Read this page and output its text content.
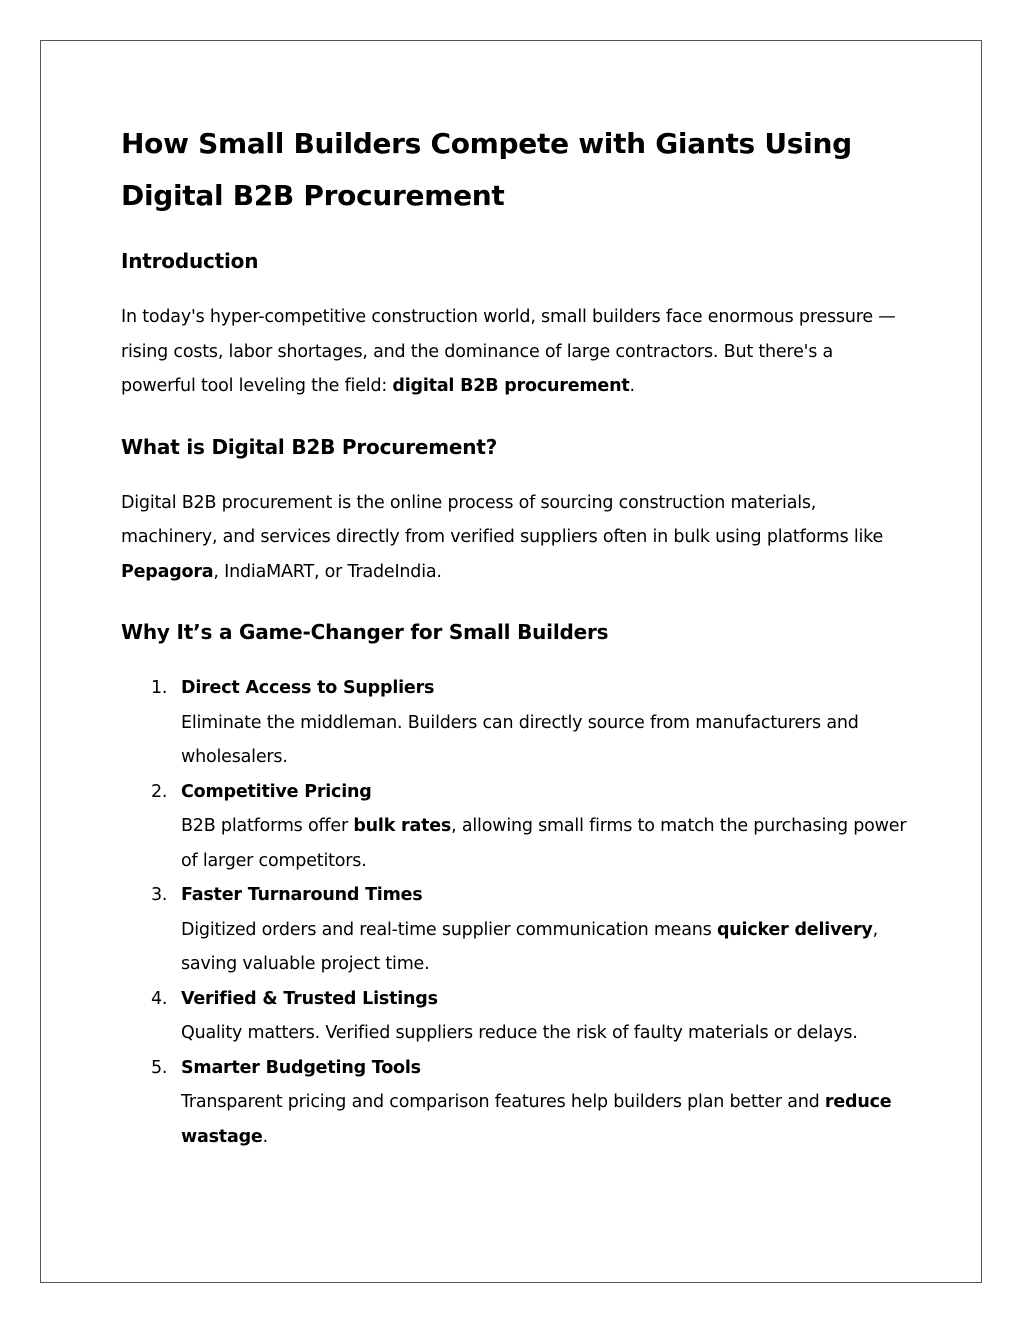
How Small Builders Compete with Giants Using Digital B2B Procurement
Introduction

In today's hyper-competitive construction world, small builders face enormous pressure — rising costs, labor shortages, and the dominance of large contractors. But there's a powerful tool leveling the field: digital B2B procurement.

What is Digital B2B Procurement?

Digital B2B procurement is the online process of sourcing construction materials, machinery, and services directly from verified suppliers often in bulk using platforms like Pepagora, IndiaMART, or TradeIndia.

Why It’s a Game-Changer for Small Builders
1. Direct Access to Suppliers
Eliminate the middleman. Builders can directly source from manufacturers and wholesalers.
2. Competitive Pricing
B2B platforms offer bulk rates, allowing small firms to match the purchasing power of larger competitors.
3. Faster Turnaround Times
Digitized orders and real-time supplier communication means quicker delivery, saving valuable project time.
4. Verified & Trusted Listings
Quality matters. Verified suppliers reduce the risk of faulty materials or delays.
5. Smarter Budgeting Tools
Transparent pricing and comparison features help builders plan better and reduce wastage.
